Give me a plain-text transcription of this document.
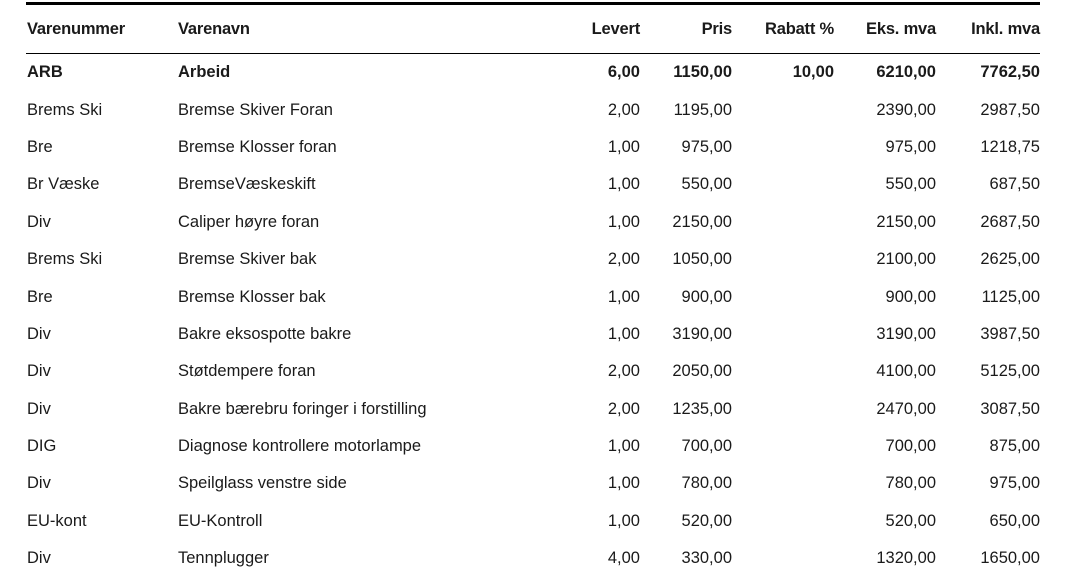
Varenummer	Varenavn	Levert	Pris	Rabatt %	Eks. mva	Inkl. mva
ARB	Arbeid	6,00	1150,00	10,00	6210,00	7762,50
Brems Ski	Bremse Skiver Foran	2,00	1195,00		2390,00	2987,50
Bre	Bremse Klosser foran	1,00	975,00		975,00	1218,75
Br Væske	BremseVæskeskift	1,00	550,00		550,00	687,50
Div	Caliper høyre foran	1,00	2150,00		2150,00	2687,50
Brems Ski	Bremse Skiver bak	2,00	1050,00		2100,00	2625,00
Bre	Bremse Klosser bak	1,00	900,00		900,00	1125,00
Div	Bakre eksospotte bakre	1,00	3190,00		3190,00	3987,50
Div	Støtdempere foran	2,00	2050,00		4100,00	5125,00
Div	Bakre bærebru foringer i forstilling	2,00	1235,00		2470,00	3087,50
DIG	Diagnose kontrollere motorlampe	1,00	700,00		700,00	875,00
Div	Speilglass venstre side	1,00	780,00		780,00	975,00
EU-kont	EU-Kontroll	1,00	520,00		520,00	650,00
Div	Tennplugger	4,00	330,00		1320,00	1650,00
